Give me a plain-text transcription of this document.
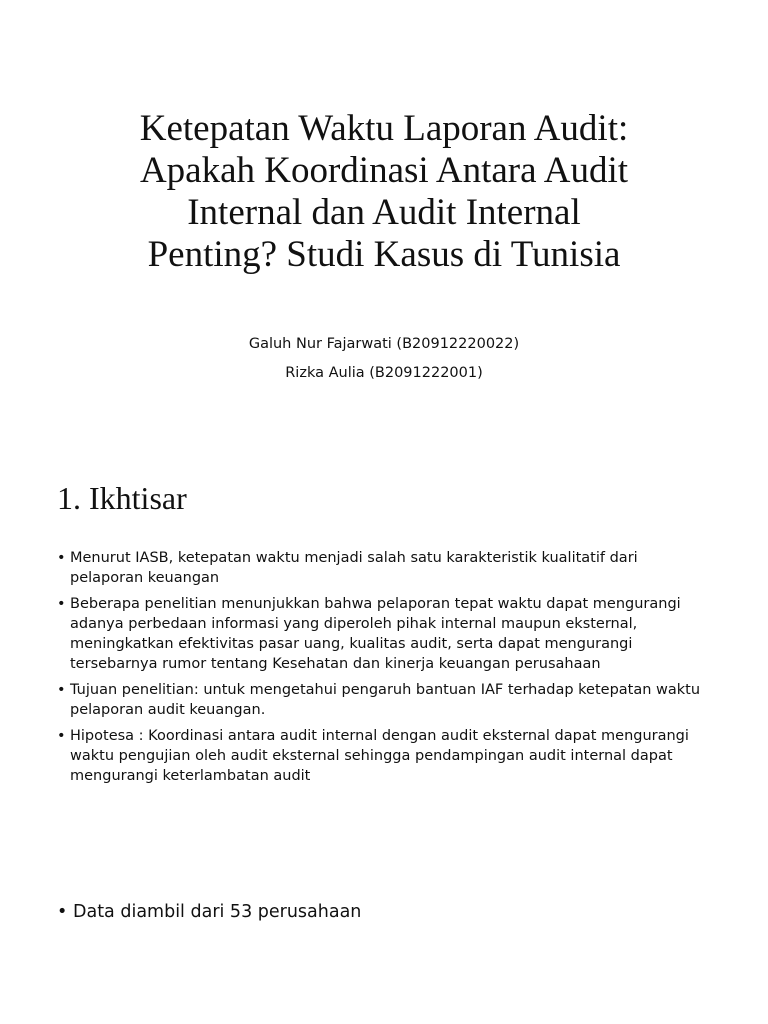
Ketepatan Waktu Laporan Audit:
Apakah Koordinasi Antara Audit
Internal dan Audit Internal
Penting? Studi Kasus di Tunisia
Galuh Nur Fajarwati (B20912220022)
Rizka Aulia (B2091222001)
1. Ikhtisar
• Menurut IASB, ketepatan waktu menjadi salah satu karakteristik kualitatif dari pelaporan keuangan
• Beberapa penelitian menunjukkan bahwa pelaporan tepat waktu dapat mengurangi adanya perbedaan informasi yang diperoleh pihak internal maupun eksternal, meningkatkan efektivitas pasar uang, kualitas audit, serta dapat mengurangi tersebarnya rumor tentang Kesehatan dan kinerja keuangan perusahaan
• Tujuan penelitian: untuk mengetahui pengaruh bantuan IAF terhadap ketepatan waktu pelaporan audit keuangan.
• Hipotesa : Koordinasi antara audit internal dengan audit eksternal dapat mengurangi waktu pengujian oleh audit eksternal sehingga pendampingan audit internal dapat mengurangi keterlambatan audit
• Data diambil dari 53 perusahaan
